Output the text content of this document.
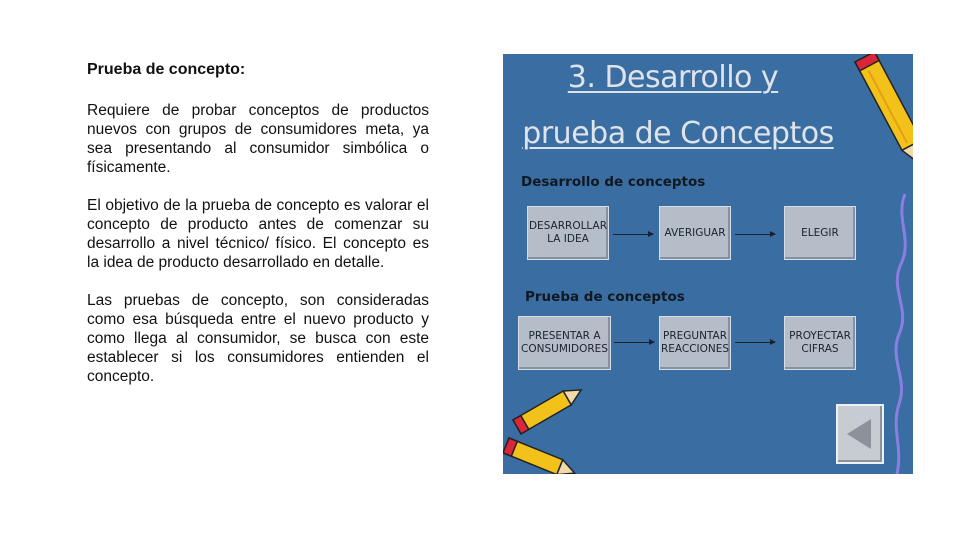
Prueba de concepto:

Requiere de probar conceptos de productos nuevos con grupos de consumidores meta, ya sea presentando al consumidor simbólica o físicamente.

El objetivo de la prueba de concepto es valorar el concepto de producto antes de comenzar su desarrollo a nivel técnico/ físico. El concepto es la idea de producto desarrollado en detalle.

Las pruebas de concepto, son consideradas como esa búsqueda entre el nuevo producto y como llega al consumidor, se busca con este establecer si los consumidores entienden el concepto.

3. Desarrollo y
prueba de Conceptos
Desarrollo de conceptos
DESARROLLAR
LA IDEA
AVERIGUAR	ELEGIR
Prueba de conceptos
PRESENTAR A
CONSUMIDORES
PREGUNTAR
REACCIONES
PROYECTAR
CIFRAS
